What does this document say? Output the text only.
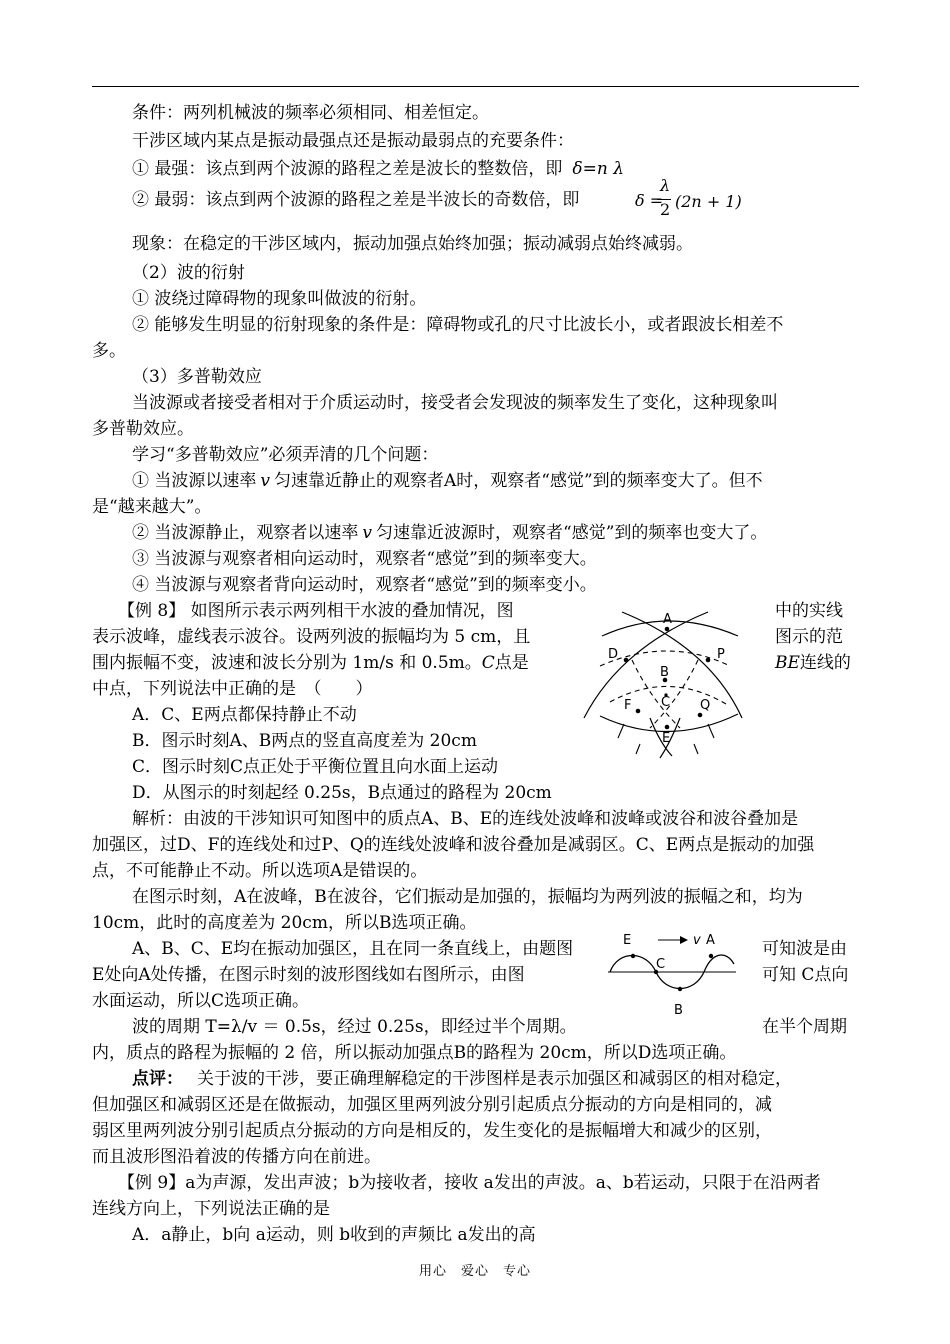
条件：两列机械波的频率必须相同、相差恒定。
干涉区域内某点是振动最强点还是振动最弱点的充要条件：
① 最强：该点到两个波源的路程之差是波长的整数倍，即 δ=n λ
② 最弱：该点到两个波源的路程之差是半波长的奇数倍，即	δ =
λ
2 (2n + 1)
现象：在稳定的干涉区域内，振动加强点始终加强；振动减弱点始终减弱。
（2）波的衍射
① 波绕过障碍物的现象叫做波的衍射。
② 能够发生明显的衍射现象的条件是：障碍物或孔的尺寸比波长小，或者跟波长相差不
多。
（3）多普勒效应
当波源或者接受者相对于介质运动时，接受者会发现波的频率发生了变化，这种现象叫
多普勒效应。
学习“多普勒效应”必须弄清的几个问题：
① 当波源以速率 v 匀速靠近静止的观察者A时，观察者“感觉”到的频率变大了。但不
是“越来越大”。
② 当波源静止，观察者以速率 v 匀速靠近波源时，观察者“感觉”到的频率也变大了。
③ 当波源与观察者相向运动时，观察者“感觉”到的频率变大。
④ 当波源与观察者背向运动时，观察者“感觉”到的频率变小。
【例 8】 如图所示表示两列相干水波的叠加情况，图	中的实线
表示波峰，虚线表示波谷。设两列波的振幅均为 5 cm，且	图示的范
围内振幅不变，波速和波长分别为 1m/s 和 0.5m。C点是	BE连线的
中点，下列说法中正确的是　（　　）
A．C、E两点都保持静止不动
B．图示时刻A、B两点的竖直高度差为 20cm
C．图示时刻C点正处于平衡位置且向水面上运动
D．从图示的时刻起经 0.25s，B点通过的路程为 20cm
A
D	P
B
F C Q
E
解析：由波的干涉知识可知图中的质点A、B、E的连线处波峰和波峰或波谷和波谷叠加是
加强区，过D、F的连线处和过P、Q的连线处波峰和波谷叠加是减弱区。C、E两点是振动的加强
点，不可能静止不动。所以选项A是错误的。
在图示时刻，A在波峰，B在波谷，它们振动是加强的，振幅均为两列波的振幅之和，均为
10cm，此时的高度差为 20cm，所以B选项正确。
A、B、C、E均在振动加强区，且在同一条直线上，由题图	可知波是由
E处向A处传播，在图示时刻的波形图线如右图所示，由图	可知 C点向
水面运动，所以C选项正确。
波的周期 T=λ/v ＝ 0.5s，经过 0.25s，即经过半个周期。	在半个周期
内，质点的路程为振幅的 2 倍，所以振动加强点B的路程为 20cm，所以D选项正确。
E	v A
C
B
点评： 关于波的干涉，要正确理解稳定的干涉图样是表示加强区和减弱区的相对稳定，
但加强区和减弱区还是在做振动，加强区里两列波分别引起质点分振动的方向是相同的，减
弱区里两列波分别引起质点分振动的方向是相反的，发生变化的是振幅增大和减少的区别，
而且波形图沿着波的传播方向在前进。
【例 9】a为声源，发出声波；b为接收者，接收 a发出的声波。a、b若运动，只限于在沿两者
连线方向上，下列说法正确的是
A．a静止，b向 a运动，则 b收到的声频比 a发出的高
用心　爱心　专心
